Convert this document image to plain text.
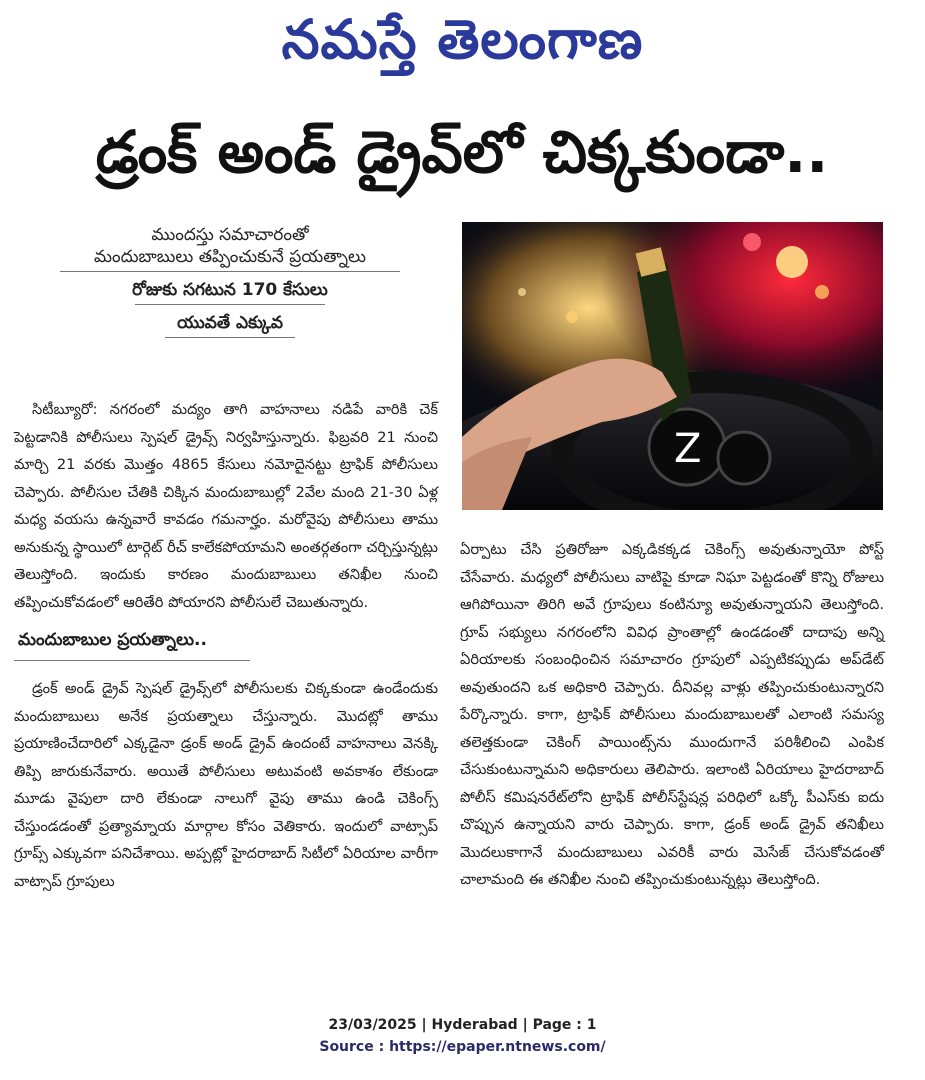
నమస్తే తెలంగాణ
డ్రంక్ అండ్ డ్రైవ్‌లో చిక్కకుండా..
ముందస్తు సమాచారంతో
మందుబాబులు తప్పించుకునే ప్రయత్నాలు
రోజుకు సగటున 170 కేసులు
యువతే ఎక్కువ
Z

సిటీబ్యూరో: నగరంలో మద్యం తాగి వాహనాలు నడిపే వారికి చెక్ పెట్టడానికి పోలీసులు స్పెషల్ డ్రైవ్స్ నిర్వహిస్తున్నారు. ఫిబ్రవరి 21 నుంచి మార్చి 21 వరకు మొత్తం 4865 కేసులు నమోదైనట్టు ట్రాఫిక్ పోలీసులు చెప్పారు. పోలీసుల చేతికి చిక్కిన మందుబాబుల్లో 2వేల మంది 21-30 ఏళ్ల మధ్య వయసు ఉన్నవారే కావడం గమనార్హం. మరోవైపు పోలీసులు తాము అనుకున్న స్థాయిలో టార్గెట్ రీచ్ కాలేకపోయామని అంతర్గతంగా చర్చిస్తున్నట్లు తెలుస్తోంది. ఇందుకు కారణం మందుబాబులు తనిఖీల నుంచి తప్పించుకోవడంలో ఆరితేరి పోయారని పోలీసులే చెబుతున్నారు.

మందుబాబుల ప్రయత్నాలు..

డ్రంక్ అండ్ డ్రైవ్ స్పెషల్ డ్రైవ్స్‌లో పోలీసులకు చిక్కకుండా ఉండేందుకు మందుబాబులు అనేక ప్రయత్నాలు చేస్తున్నారు. మొదట్లో తాము ప్రయాణించేదారిలో ఎక్కడైనా డ్రంక్ అండ్ డ్రైవ్ ఉందంటే వాహనాలు వెనక్కి తిప్పి జారుకునేవారు. అయితే పోలీసులు అటువంటి అవకాశం లేకుండా మూడు వైపులా దారి లేకుండా నాలుగో వైపు తాము ఉండి చెకింగ్స్ చేస్తుండడంతో ప్రత్యామ్నాయ మార్గాల కోసం వెతికారు. ఇందులో వాట్సాప్ గ్రూప్స్ ఎక్కువగా పనిచేశాయి. అప్పట్లో హైదరాబాద్ సిటీలో ఏరియాల వారీగా వాట్సాప్ గ్రూపులు

ఏర్పాటు చేసి ప్రతిరోజూ ఎక్కడికక్కడ చెకింగ్స్ అవుతున్నాయో పోస్ట్ చేసేవారు. మధ్యలో పోలీసులు వాటిపై కూడా నిఘా పెట్టడంతో కొన్ని రోజులు ఆగిపోయినా తిరిగి అవే గ్రూపులు కంటిన్యూ అవుతున్నాయని తెలుస్తోంది. గ్రూప్ సభ్యులు నగరంలోని వివిధ ప్రాంతాల్లో ఉండడంతో దాదాపు అన్ని ఏరియాలకు సంబంధించిన సమాచారం గ్రూపులో ఎప్పటికప్పుడు అప్‌డేట్ అవుతుందని ఒక అధికారి చెప్పారు. దీనివల్ల వాళ్లు తప్పించుకుంటున్నారని పేర్కొన్నారు. కాగా, ట్రాఫిక్ పోలీసులు మందుబాబులతో ఎలాంటి సమస్య తలెత్తకుండా చెకింగ్ పాయింట్స్‌ను ముందుగానే పరిశీలించి ఎంపిక చేసుకుంటున్నామని అధికారులు తెలిపారు. ఇలాంటి ఏరియాలు హైదరాబాద్ పోలీస్ కమిషనరేట్‌లోని ట్రాఫిక్ పోలీస్‌స్టేషన్ల పరిధిలో ఒక్కో పీఎస్‌కు ఐదు చొప్పున ఉన్నాయని వారు చెప్పారు. కాగా, డ్రంక్ అండ్ డ్రైవ్ తనిఖీలు మొదలుకాగానే మందుబాబులు ఎవరికీ వారు మెసేజ్ చేసుకోవడంతో చాలామంది ఈ తనిఖీల నుంచి తప్పించుకుంటున్నట్లు తెలుస్తోంది.

23/03/2025 | Hyderabad | Page : 1
Source : https://epaper.ntnews.com/
